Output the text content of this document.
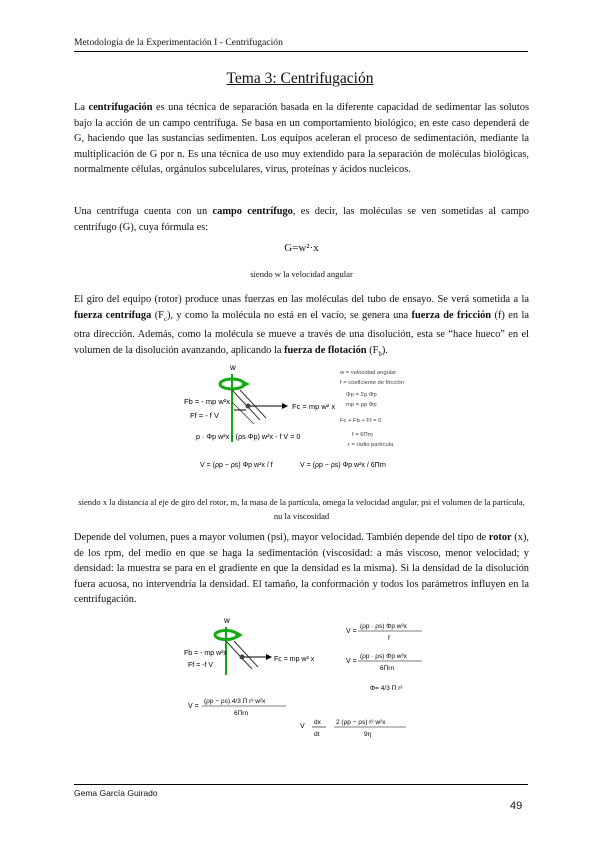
Metodología de la Experimentación I - Centrifugación
Tema 3: Centrifugación

La centrifugación es una técnica de separación basada en la diferente capacidad de sedimentar las solutos bajo la acción de un campo centrífuga. Se basa en un comportamiento biológico, en este caso dependerá de G, haciendo que las sustancias sedimenten. Los equipos aceleran el proceso de sedimentación, mediante la multiplicación de G por n. Es una técnica de uso muy extendido para la separación de moléculas biológicas, normalmente células, orgánulos subcelulares, virus, proteínas y ácidos nucleicos.

Una centrífuga cuenta con un campo centrífugo, es decir, las moléculas se ven sometidas al campo centrífugo (G), cuya fórmula es:

G=w²·x

siendo w la velocidad angular

El giro del equipo (rotor) produce unas fuerzas en las moléculas del tubo de ensayo. Se verá sometida a la fuerza centrífuga $(F_c)$, y como la molécula no está en el vacío, se genera una fuerza de fricción (f) en la otra dirección. Además, como la molécula se mueve a través de una disolución, esta se “hace hueco” en el volumen de la disolución avanzando, aplicando la fuerza de flotación $(F_b)$.

w
Fb = - mp w²x
Ff = - f V
Fc = mp w² x
p · Φp w²x · (ρs Φp) w²x - f V = 0
V = (ρp − ρs) Φp w²x / f	V = (ρp − ρs) Φp w²x / 6Πrn
w = velocidad angular
f = coeficiente de fricción
Φp = Σp Φp
mp = ρp Φp
Fc + Fb + Ff = 0
f = 6Πrη
r = radio partícula

siendo x la distancia al eje de giro del rotor, m, la masa de la partícula, omega la velocidad angular, psi el volumen de la partícula, nu la viscosidad

Depende del volumen, pues a mayor volumen (psi), mayor velocidad. También depende del tipo de rotor (x), de los rpm, del medio en que se haga la sedimentación (viscosidad: a más viscoso, menor velocidad; y densidad: la muestra se para en el gradiente en que la densidad es la misma). Si la densidad de la disolución fuera acuosa, no intervendría la densidad. El tamaño, la conformación y todos los parámetros influyen en la centrifugación.

w
Fb = - mp w²x
Ff = -f V
Fc = mp w² x
V =
(ρp · ρs) Φp w²x
f
V =
(ρp · ρs) Φp w²x
6Πrn
Φ= 4/3 Π r³
V =
(ρp − ρs) 4/3 Π r³ w²x
6Πrn
V
dx
dt
2 (ρp − ρs) r² w²x
9η
Gema García Guirado
49
